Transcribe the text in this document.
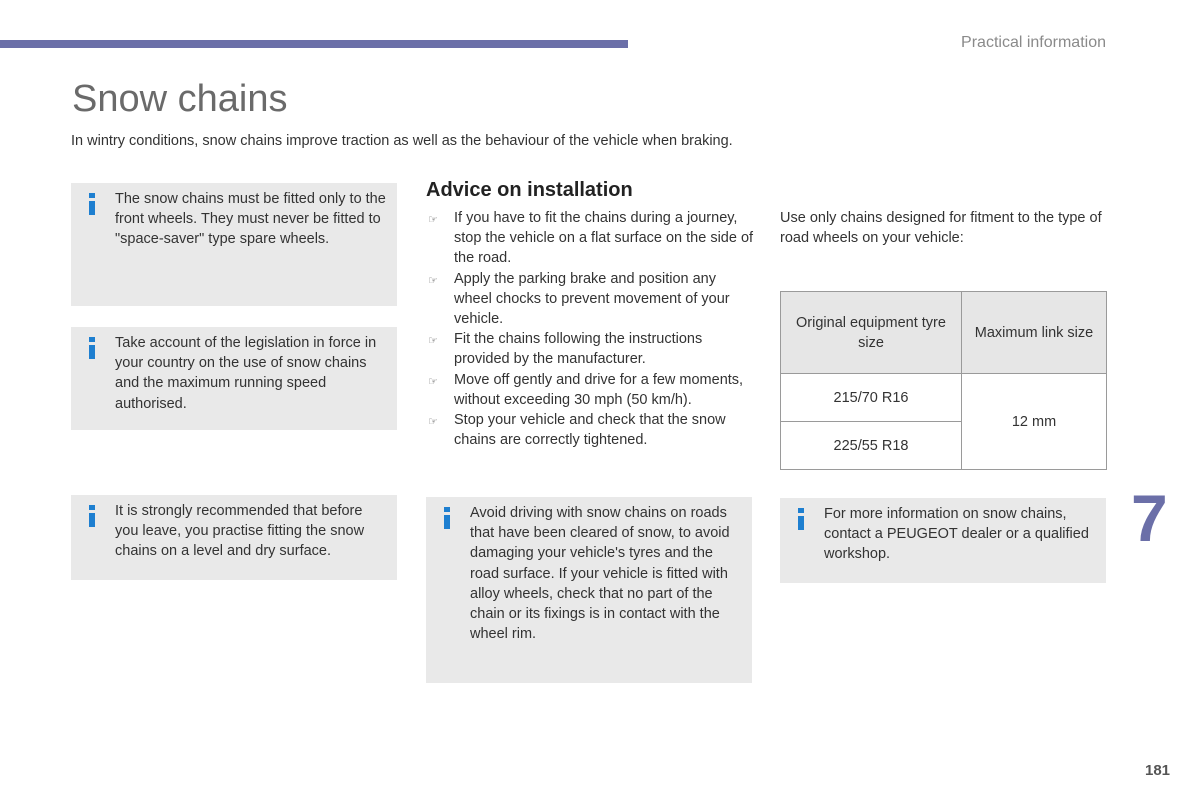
Practical information
Snow chains
In wintry conditions, snow chains improve traction as well as the behaviour of the vehicle when braking.
The snow chains must be fitted only to the front wheels. They must never be fitted to "space-saver" type spare wheels.
Take account of the legislation in force in your country on the use of snow chains and the maximum running speed authorised.
It is strongly recommended that before you leave, you practise fitting the snow chains on a level and dry surface.
Advice on installation
☞ If you have to fit the chains during a journey, stop the vehicle on a flat surface on the side of the road.
☞ Apply the parking brake and position any wheel chocks to prevent movement of your vehicle.
☞ Fit the chains following the instructions provided by the manufacturer.
☞ Move off gently and drive for a few moments, without exceeding 30 mph (50 km/h).
☞ Stop your vehicle and check that the snow chains are correctly tightened.
Avoid driving with snow chains on roads that have been cleared of snow, to avoid damaging your vehicle's tyres and the road surface. If your vehicle is fitted with alloy wheels, check that no part of the chain or its fixings is in contact with the wheel rim.
Use only chains designed for fitment to the type of road wheels on your vehicle:
Original equipment tyre size	Maximum link size
215/70 R16	12 mm
225/55 R18	
For more information on snow chains, contact a PEUGEOT dealer or a qualified workshop.	7
181
